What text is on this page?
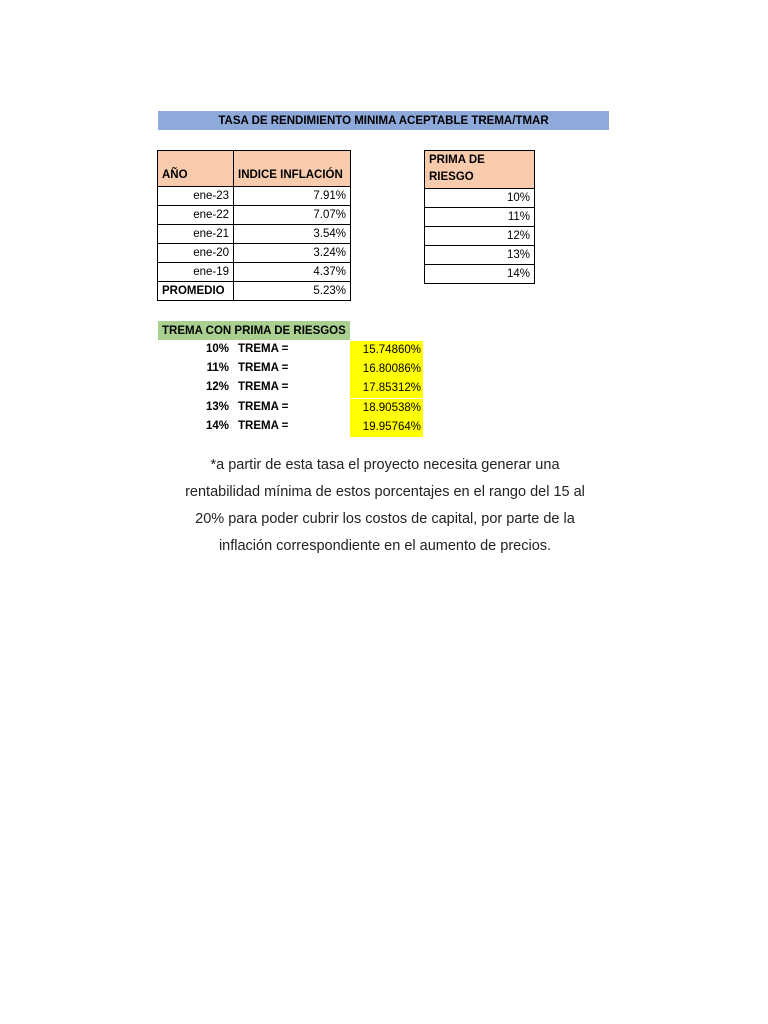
TASA DE RENDIMIENTO MINIMA ACEPTABLE TREMA/TMAR
AÑO	INDICE INFLACIÓN
ene-23	7.91%
ene-22	7.07%
ene-21	3.54%
ene-20	3.24%
ene-19	4.37%
PROMEDIO	5.23%
PRIMA DE
RIESGO
10%
11%
12%
13%
14%
TREMA CON PRIMA DE RIESGOS
10% TREMA =	15.74860%
11% TREMA =	16.80086%
12% TREMA =	17.85312%
13% TREMA =	18.90538%
14% TREMA =	19.95764%
*a partir de esta tasa el proyecto necesita generar una
rentabilidad mínima de estos porcentajes en el rango del 15 al
20% para poder cubrir los costos de capital, por parte de la
inflación correspondiente en el aumento de precios.
